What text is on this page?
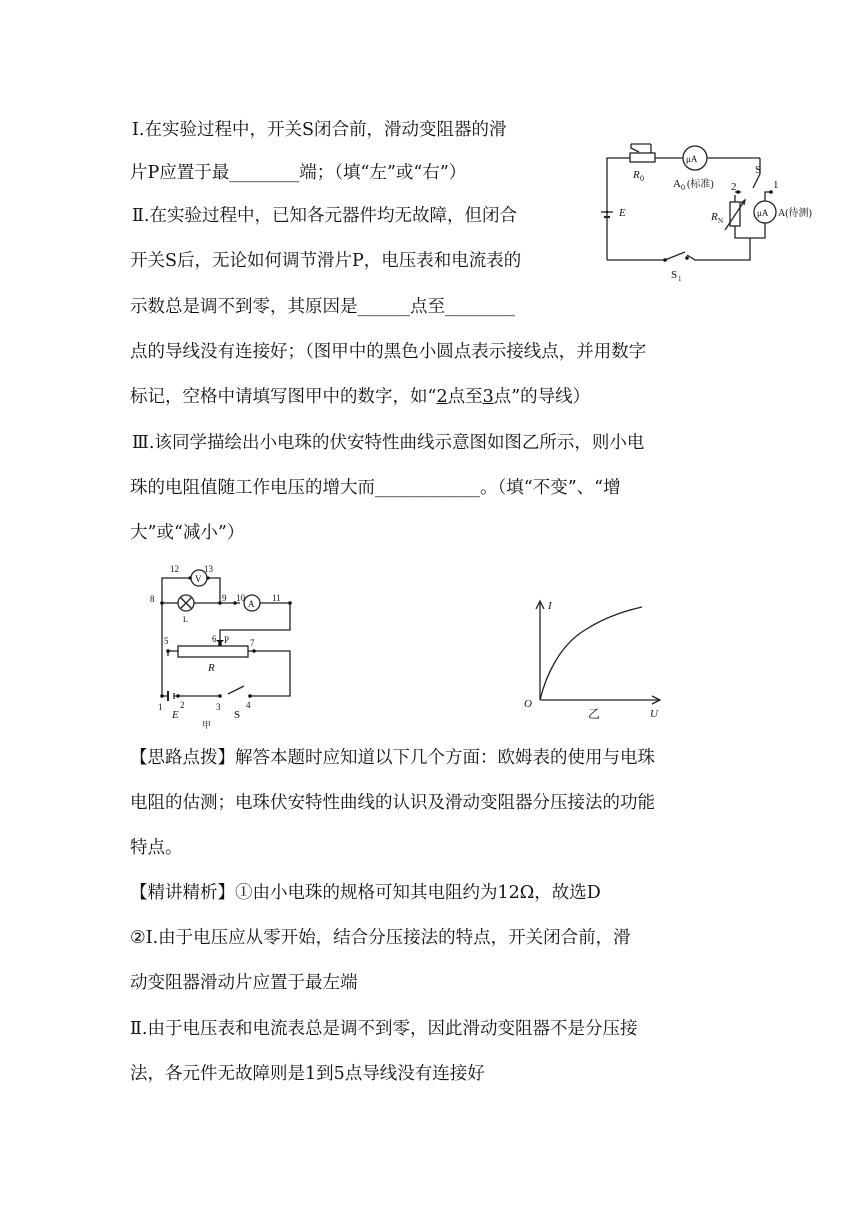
Ⅰ.在实验过程中，开关S闭合前，滑动变阻器的滑
片P应置于最________端；（填“左”或“右”）
Ⅱ.在实验过程中，已知各元器件均无故障，但闭合
开关S后，无论如何调节滑片P，电压表和电流表的
示数总是调不到零，其原因是______点至________
点的导线没有连接好；（图甲中的黑色小圆点表示接线点，并用数字
标记，空格中请填写图甲中的数字，如“2点至3点”的导线）
Ⅲ.该同学描绘出小电珠的伏安特性曲线示意图如图乙所示，则小电
珠的电阻值随工作电压的增大而____________。（填“不变”、“增
大”或“减小”）
【思路点拨】解答本题时应知道以下几个方面：欧姆表的使用与电珠
电阻的估测；电珠伏安特性曲线的认识及滑动变阻器分压接法的功能
特点。
【精讲精析】①由小电珠的规格可知其电阻约为12Ω，故选D
②Ⅰ.由于电压应从零开始，结合分压接法的特点，开关闭合前，滑
动变阻器滑动片应置于最左端
Ⅱ.由于电压表和电流表总是调不到零，因此滑动变阻器不是分压接
法，各元件无故障则是1到5点导线没有连接好
R 0
μA
A 0 (标准)
S
2	1
E	R N
μA A(待测)
S 1
12	13
8	9 10	11
5	6	7
1 2	3	4
V
A
L
P
R
E	S
甲
I
U
O
乙
